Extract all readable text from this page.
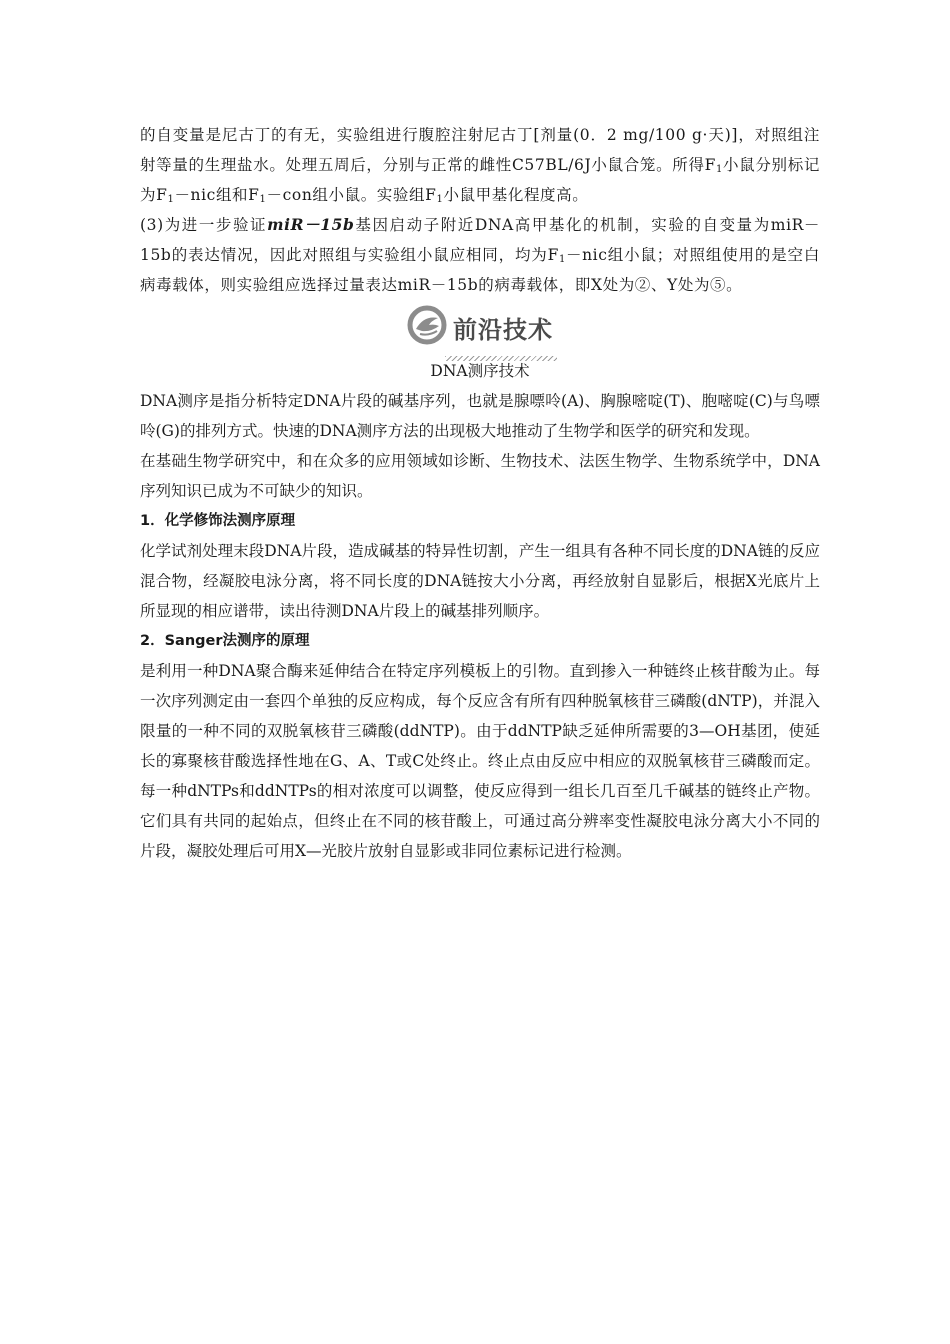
的自变量是尼古丁的有无，实验组进行腹腔注射尼古丁[剂量(0．2 mg/100 g·天)]，对照组注射等量的生理盐水。处理五周后，分别与正常的雌性C57BL/6J小鼠合笼。所得$F_1$小鼠分别标记为$F_1-nic$组和$F_1-con$组小鼠。实验组$F_1$小鼠甲基化程度高。

(3)为进一步验证miR－15b基因启动子附近DNA高甲基化的机制，实验的自变量为miR－15b的表达情况，因此对照组与实验组小鼠应相同，均为$F_1-nic$组小鼠；对照组使用的是空白病毒载体，则实验组应选择过量表达miR－15b的病毒载体，即X处为②、Y处为⑤。

前沿技术
DNA测序技术

DNA测序是指分析特定DNA片段的碱基序列，也就是腺嘌呤(A)、胸腺嘧啶(T)、胞嘧啶(C)与鸟嘌呤(G)的排列方式。快速的DNA测序方法的出现极大地推动了生物学和医学的研究和发现。

在基础生物学研究中，和在众多的应用领域如诊断、生物技术、法医生物学、生物系统学中，DNA序列知识已成为不可缺少的知识。

1．化学修饰法测序原理

化学试剂处理末段DNA片段，造成碱基的特异性切割，产生一组具有各种不同长度的DNA链的反应混合物，经凝胶电泳分离，将不同长度的DNA链按大小分离，再经放射自显影后，根据X光底片上所显现的相应谱带，读出待测DNA片段上的碱基排列顺序。

2．Sanger法测序的原理

是利用一种DNA聚合酶来延伸结合在特定序列模板上的引物。直到掺入一种链终止核苷酸为止。每一次序列测定由一套四个单独的反应构成，每个反应含有所有四种脱氧核苷三磷酸(dNTP)，并混入限量的一种不同的双脱氧核苷三磷酸(ddNTP)。由于ddNTP缺乏延伸所需要的3—OH基团，使延长的寡聚核苷酸选择性地在G、A、T或C处终止。终止点由反应中相应的双脱氧核苷三磷酸而定。每一种dNTPs和ddNTPs的相对浓度可以调整，使反应得到一组长几百至几千碱基的链终止产物。它们具有共同的起始点，但终止在不同的核苷酸上，可通过高分辨率变性凝胶电泳分离大小不同的片段，凝胶处理后可用X—光胶片放射自显影或非同位素标记进行检测。
